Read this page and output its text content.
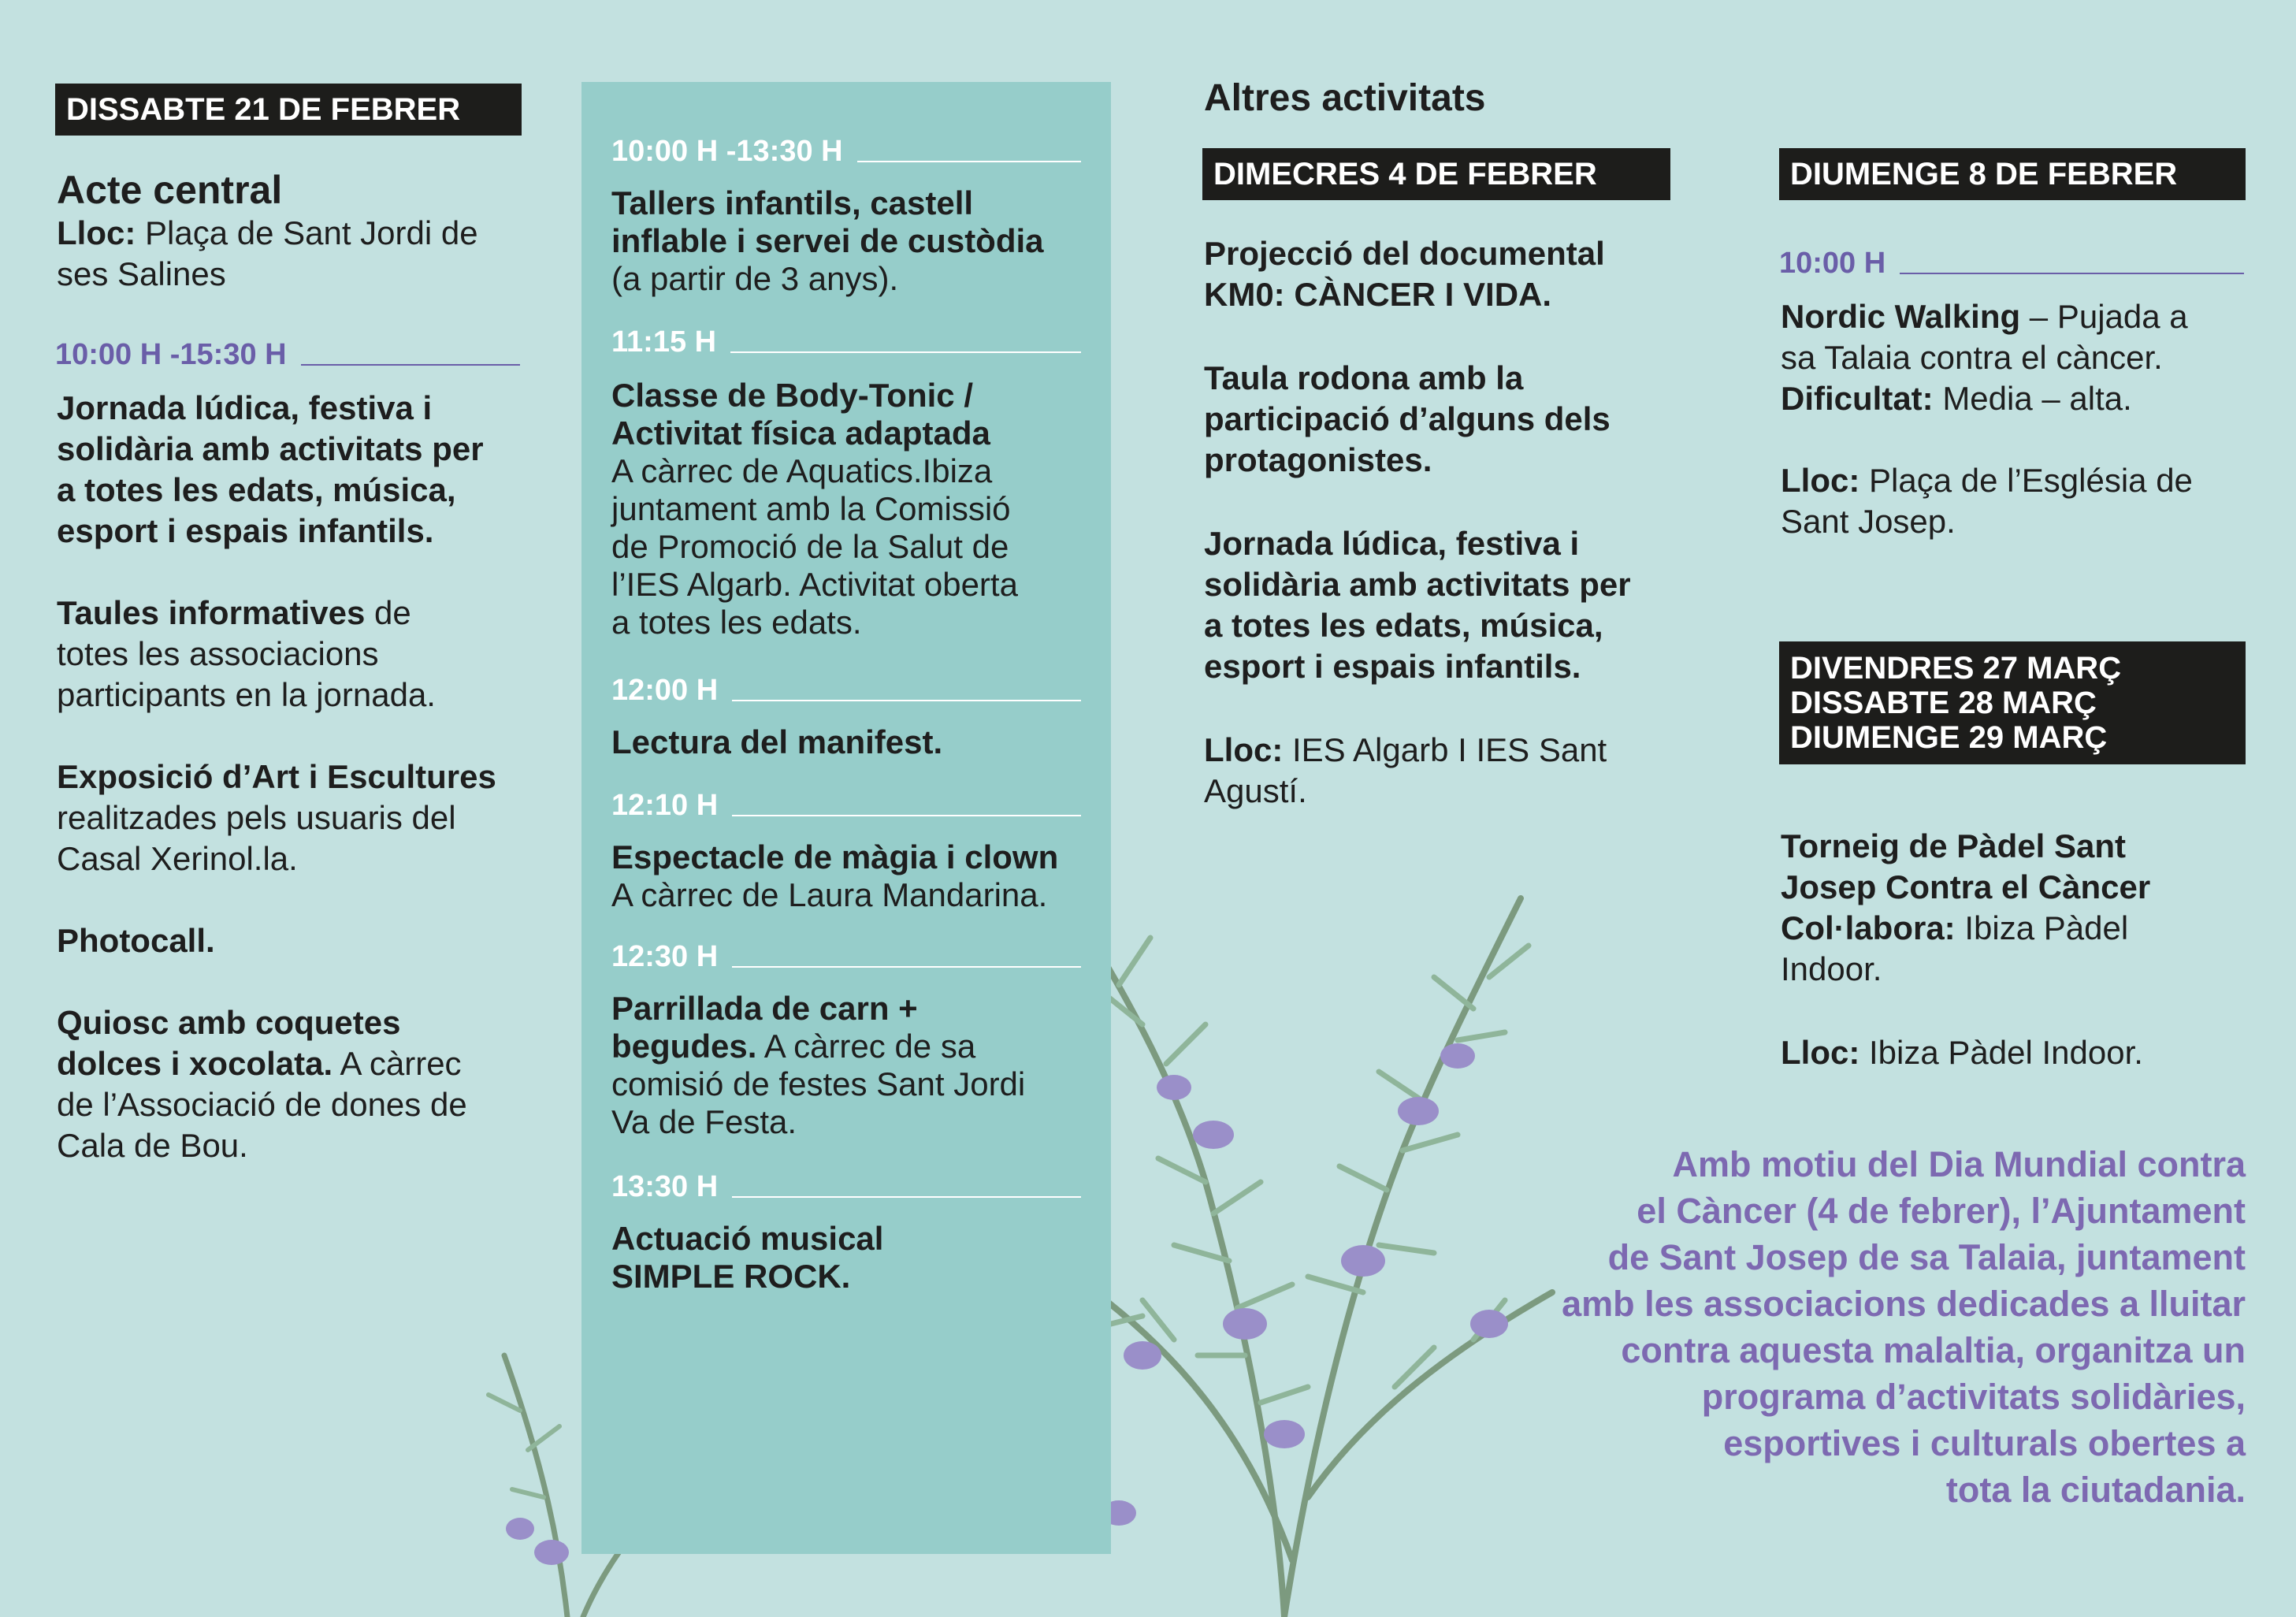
DISSABTE 21 DE FEBRER
Acte central
Lloc: Plaça de Sant Jordi de
ses Salines
10:00 H -15:30 H
Jornada lúdica, festiva i
solidària amb activitats per
a totes les edats, música,
esport i espais infantils.
Taules informatives de
totes les associacions
participants en la jornada.
Exposició d’Art i Escultures
realitzades pels usuaris del
Casal Xerinol.la.
Photocall.
Quiosc amb coquetes
dolces i xocolata. A càrrec
de l’Associació de dones de
Cala de Bou.
10:00 H -13:30 H
Tallers infantils, castell
inflable i servei de custòdia
(a partir de 3 anys).
11:15 H
Classe de Body-Tonic /
Activitat física adaptada
A càrrec de Aquatics.Ibiza
juntament amb la Comissió
de Promoció de la Salut de
l’IES Algarb. Activitat oberta
a totes les edats.
12:00 H
Lectura del manifest.
12:10 H
Espectacle de màgia i clown
A càrrec de Laura Mandarina.
12:30 H
Parrillada de carn +
begudes. A càrrec de sa
comisió de festes Sant Jordi
Va de Festa.
13:30 H
Actuació musical
SIMPLE ROCK.
Altres activitats
DIMECRES 4 DE FEBRER
Projecció del documental
KM0: CÀNCER I VIDA.
Taula rodona amb la
participació d’alguns dels
protagonistes.
Jornada lúdica, festiva i
solidària amb activitats per
a totes les edats, música,
esport i espais infantils.
Lloc: IES Algarb I IES Sant
Agustí.
DIUMENGE 8 DE FEBRER
10:00 H
Nordic Walking – Pujada a
sa Talaia contra el càncer.
Dificultat: Media – alta.
Lloc: Plaça de l’Església de
Sant Josep.
DIVENDRES 27 MARÇ
DISSABTE 28 MARÇ
DIUMENGE 29 MARÇ
Torneig de Pàdel Sant
Josep Contra el Càncer
Col·labora: Ibiza Pàdel
Indoor.
Lloc: Ibiza Pàdel Indoor.
Amb motiu del Dia Mundial contra
el Càncer (4 de febrer), l’Ajuntament
de Sant Josep de sa Talaia, juntament
amb les associacions dedicades a lluitar
contra aquesta malaltia, organitza un
programa d’activitats solidàries,
esportives i culturals obertes a
tota la ciutadania.
